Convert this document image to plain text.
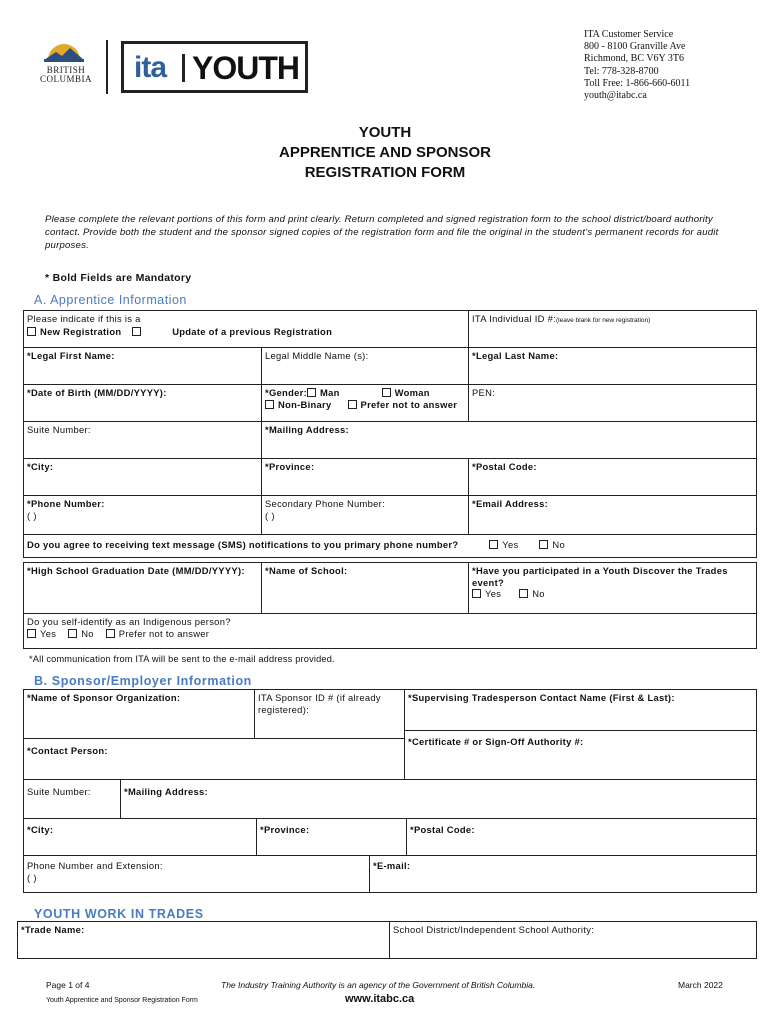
BRITISH
COLUMBIA ita YOUTH
ITA Customer Service
800 - 8100 Granville Ave
Richmond, BC V6Y 3T6
Tel: 778-328-8700
Toll Free: 1-866-660-6011
youth@itabc.ca
YOUTH
APPRENTICE AND SPONSOR
REGISTRATION FORM
Please complete the relevant portions of this form and print clearly. Return completed and signed registration form to the school district/board authority contact. Provide both the student and the sponsor signed copies of the registration form and file the original in the student’s permanent records for audit purposes.
* Bold Fields are Mandatory
A. Apprentice Information
Please indicate if this is a
New Registration	Update of a previous Registration
ITA Individual ID #:(leave blank for new registration)
*Legal First Name:	Legal Middle Name (s):	*Legal Last Name:
*Date of Birth (MM/DD/YYYY):	*Gender: Man	Woman
Non-Binary	Prefer not to answer
PEN:
Suite Number:	*Mailing Address:
*City:	*Province:	*Postal Code:
*Phone Number:
( )
Secondary Phone Number:
( )
*Email Address:
Do you agree to receiving text message (SMS) notifications to you primary phone number?	Yes	No
*High School Graduation Date (MM/DD/YYYY):	*Name of School:	*Have you participated in a Youth Discover the Trades event?
Yes	No
Do you self-identify as an Indigenous person?
Yes	No	Prefer not to answer
*All communication from ITA will be sent to the e-mail address provided.
B. Sponsor/Employer Information
*Name of Sponsor Organization:	ITA Sponsor ID # (if already registered):
*Supervising Tradesperson Contact Name (First & Last):
*Contact Person:
*Certificate # or Sign-Off Authority #:
Suite Number:	*Mailing Address:
*City:	*Province:	*Postal Code:
Phone Number and Extension:
( )
*E-mail:
YOUTH WORK IN TRADES
*Trade Name:	School District/Independent School Authority:
Page 1 of 4
Youth Apprentice and Sponsor Registration Form
The Industry Training Authority is an agency of the Government of British Columbia.
www.itabc.ca
March 2022
